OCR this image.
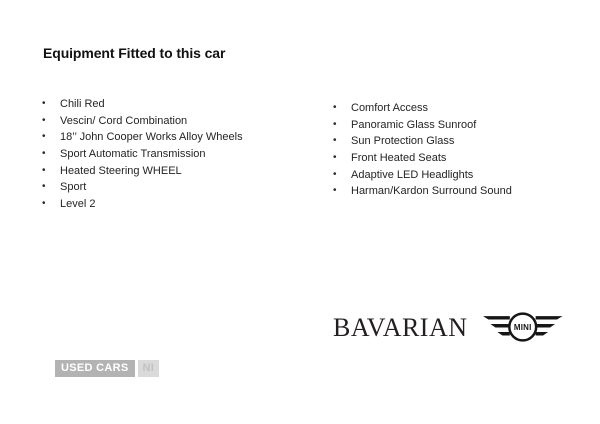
Equipment Fitted to this car
•	Chili Red
•	Vescin/ Cord Combination
•	18’’ John Cooper Works Alloy Wheels
•	Sport Automatic Transmission
•	Heated Steering WHEEL
•	Sport
•	Level 2
•	Comfort Access
•	Panoramic Glass Sunroof
•	Sun Protection Glass
•	Front Heated Seats
•	Adaptive LED Headlights
•	Harman/Kardon Surround Sound
BAVARIAN	MINI
USED CARS	NI
